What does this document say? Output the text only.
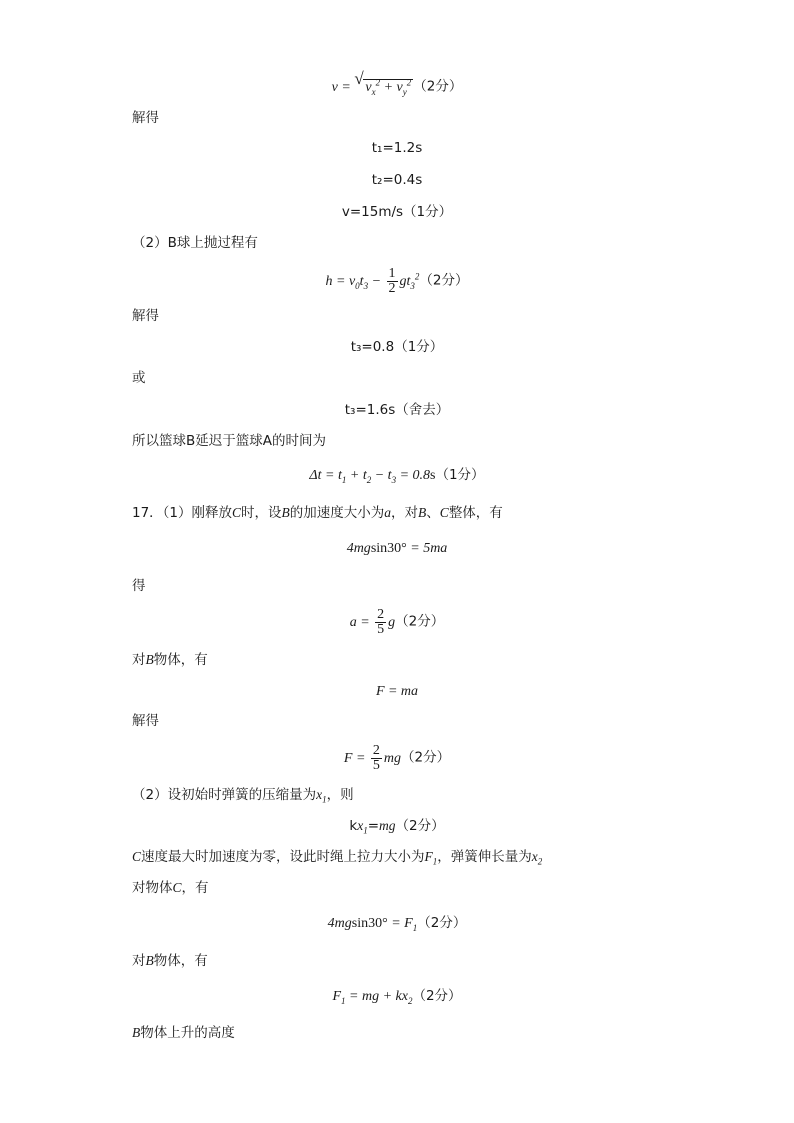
v = √ $v_x^2 + v_y^2$ （2分）
解得
t₁=1.2s
t₂=0.4s
v=15m/s（1分）
（2）B球上抛过程有
$h = v_0t_3 - \frac{1}{2} gt_3^2(2$分）
解得
t₃=0.8（1分）
或
t₃=1.6s（舍去）
所以篮球B延迟于篮球A的时间为
$\Delta t = t_1 + t_2 - t_3 = 0.8s(1$分）
17．（1）刚释放C时，设B的加速度大小为a，对B、C整体，有
4mgsin30° = 5ma
得
$a = \frac{2}{5} g(2$分）
对B物体，有
F = ma
解得
$F = \frac{2}{5} mg(2$分）
（2）设初始时弹簧的压缩量为$x_1$，则
$kx_1=mg(2$分）
C速度最大时加速度为零，设此时绳上拉力大小为$F_1$，弹簧伸长量为$x_2$
对物体C，有
$4mgsin30^\circ = F_1(2$分）
对B物体，有
$F_1$ = mg + $kx_2(2$分）
B物体上升的高度
